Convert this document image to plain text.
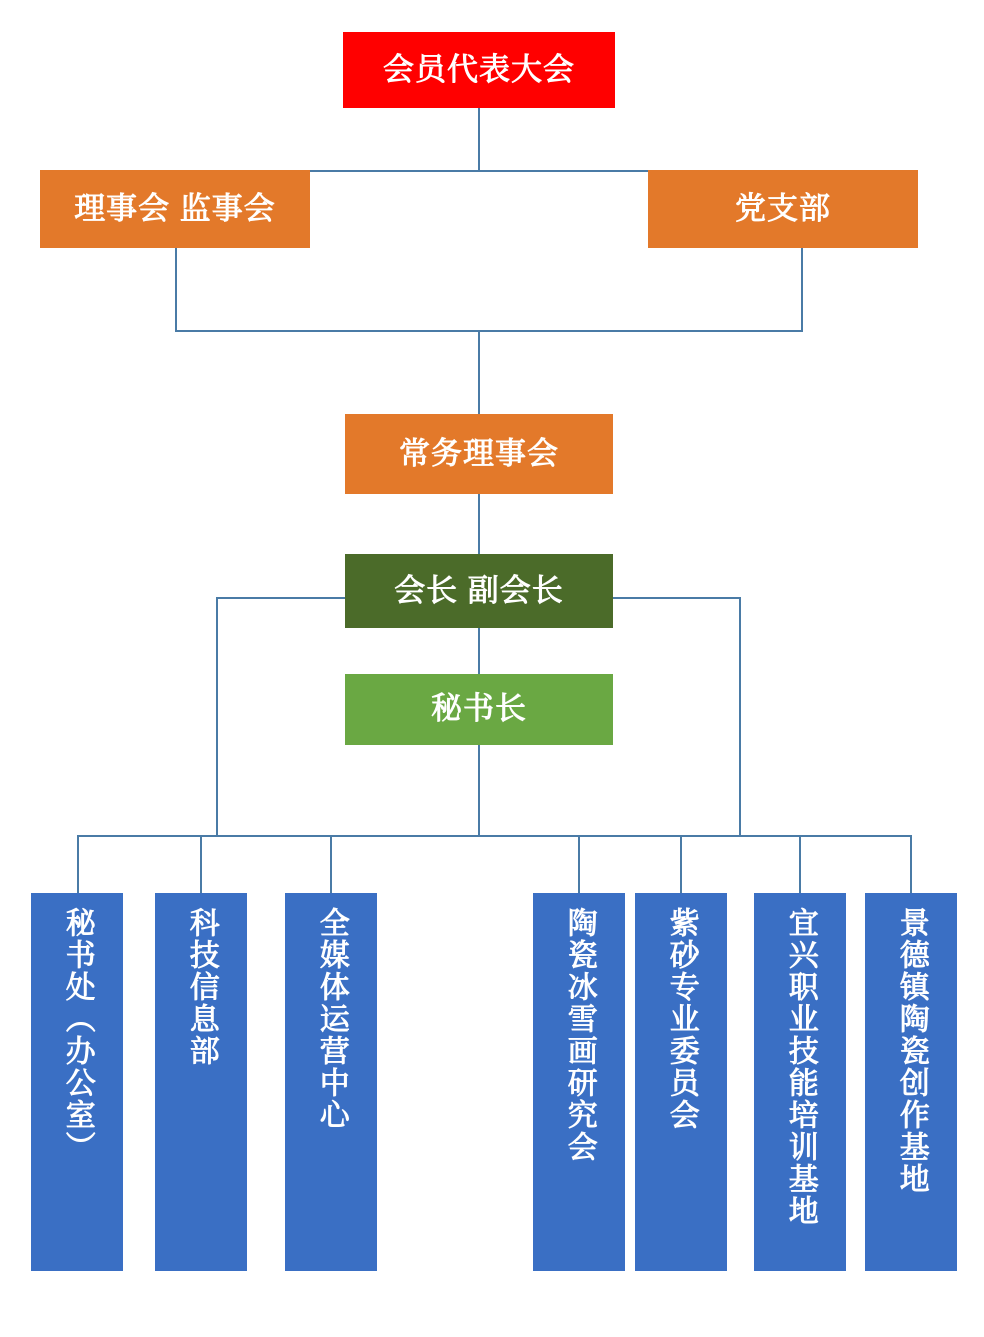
会员代表大会
理事会 监事会	党支部
常务理事会
会长 副会长
秘书长
秘书处（办公室）	科技信息部	全媒体运营中心	陶瓷冰雪画研究会 紫砂专业委员会	宜兴职业技能培训基地	景德镇陶瓷创作基地
